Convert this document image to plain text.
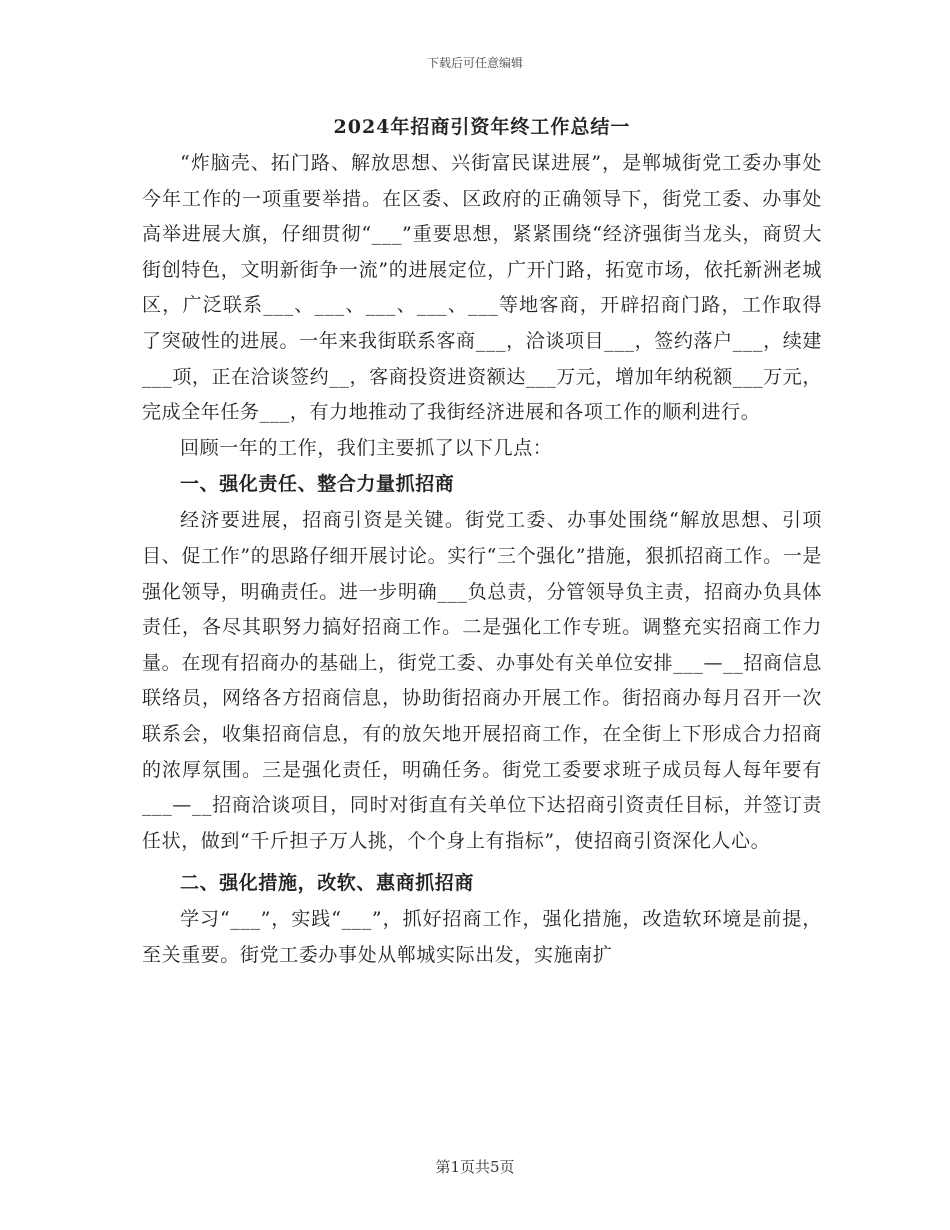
下载后可任意编辑
2024年招商引资年终工作总结一

“炸脑壳、拓门路、解放思想、兴街富民谋进展”，是郸城街党工委办事处今年工作的一项重要举措。在区委、区政府的正确领导下，街党工委、办事处高举进展大旗，仔细贯彻“___”重要思想，紧紧围绕“经济强街当龙头，商贸大街创特色，文明新街争一流”的进展定位，广开门路，拓宽市场，依托新洲老城区，广泛联系___、___、___、___、___等地客商，开辟招商门路，工作取得了突破性的进展。一年来我街联系客商___，洽谈项目___，签约落户___，续建___项，正在洽谈签约__，客商投资进资额达___万元，增加年纳税额___万元，完成全年任务___，有力地推动了我街经济进展和各项工作的顺利进行。

回顾一年的工作，我们主要抓了以下几点：

一、强化责任、整合力量抓招商

经济要进展，招商引资是关键。街党工委、办事处围绕“解放思想、引项目、促工作”的思路仔细开展讨论。实行“三个强化”措施，狠抓招商工作。一是强化领导，明确责任。进一步明确___负总责，分管领导负主责，招商办负具体责任，各尽其职努力搞好招商工作。二是强化工作专班。调整充实招商工作力量。在现有招商办的基础上，街党工委、办事处有关单位安排___—__招商信息联络员，网络各方招商信息，协助街招商办开展工作。街招商办每月召开一次联系会，收集招商信息，有的放矢地开展招商工作，在全街上下形成合力招商的浓厚氛围。三是强化责任，明确任务。街党工委要求班子成员每人每年要有___—__招商洽谈项目，同时对街直有关单位下达招商引资责任目标，并签订责任状，做到“千斤担子万人挑，个个身上有指标”，使招商引资深化人心。

二、强化措施，改软、惠商抓招商

学习“___”，实践“___”，抓好招商工作，强化措施，改造软环境是前提，至关重要。街党工委办事处从郸城实际出发，实施南扩

第1页共5页
